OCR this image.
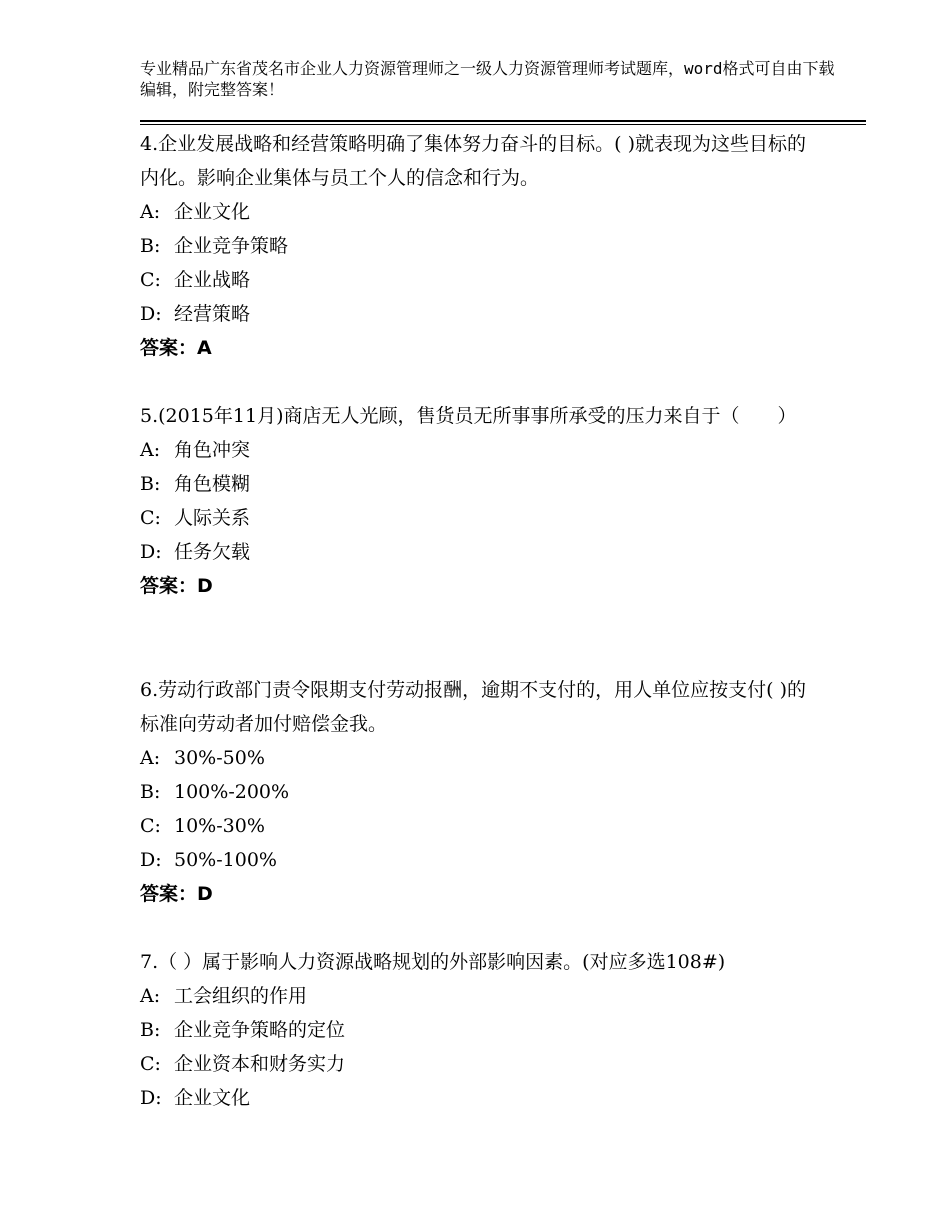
专业精品广东省茂名市企业人力资源管理师之一级人力资源管理师考试题库，word格式可自由下载编辑，附完整答案！

4.企业发展战略和经营策略明确了集体努力奋斗的目标。( )就表现为这些目标的内化。影响企业集体与员工个人的信念和行为。

A: 企业文化
B: 企业竞争策略
C: 企业战略
D: 经营策略
答案：A

5.(2015年11月)商店无人光顾，售货员无所事事所承受的压力来自于（　　）

A: 角色冲突
B: 角色模糊
C: 人际关系
D: 任务欠载
答案：D

6.劳动行政部门责令限期支付劳动报酬，逾期不支付的，用人单位应按支付( )的标准向劳动者加付赔偿金我。

A: 30%-50%
B: 100%-200%
C: 10%-30%
D: 50%-100%
答案：D

7.（ ）属于影响人力资源战略规划的外部影响因素。(对应多选108#)

A: 工会组织的作用
B: 企业竞争策略的定位
C: 企业资本和财务实力
D: 企业文化
